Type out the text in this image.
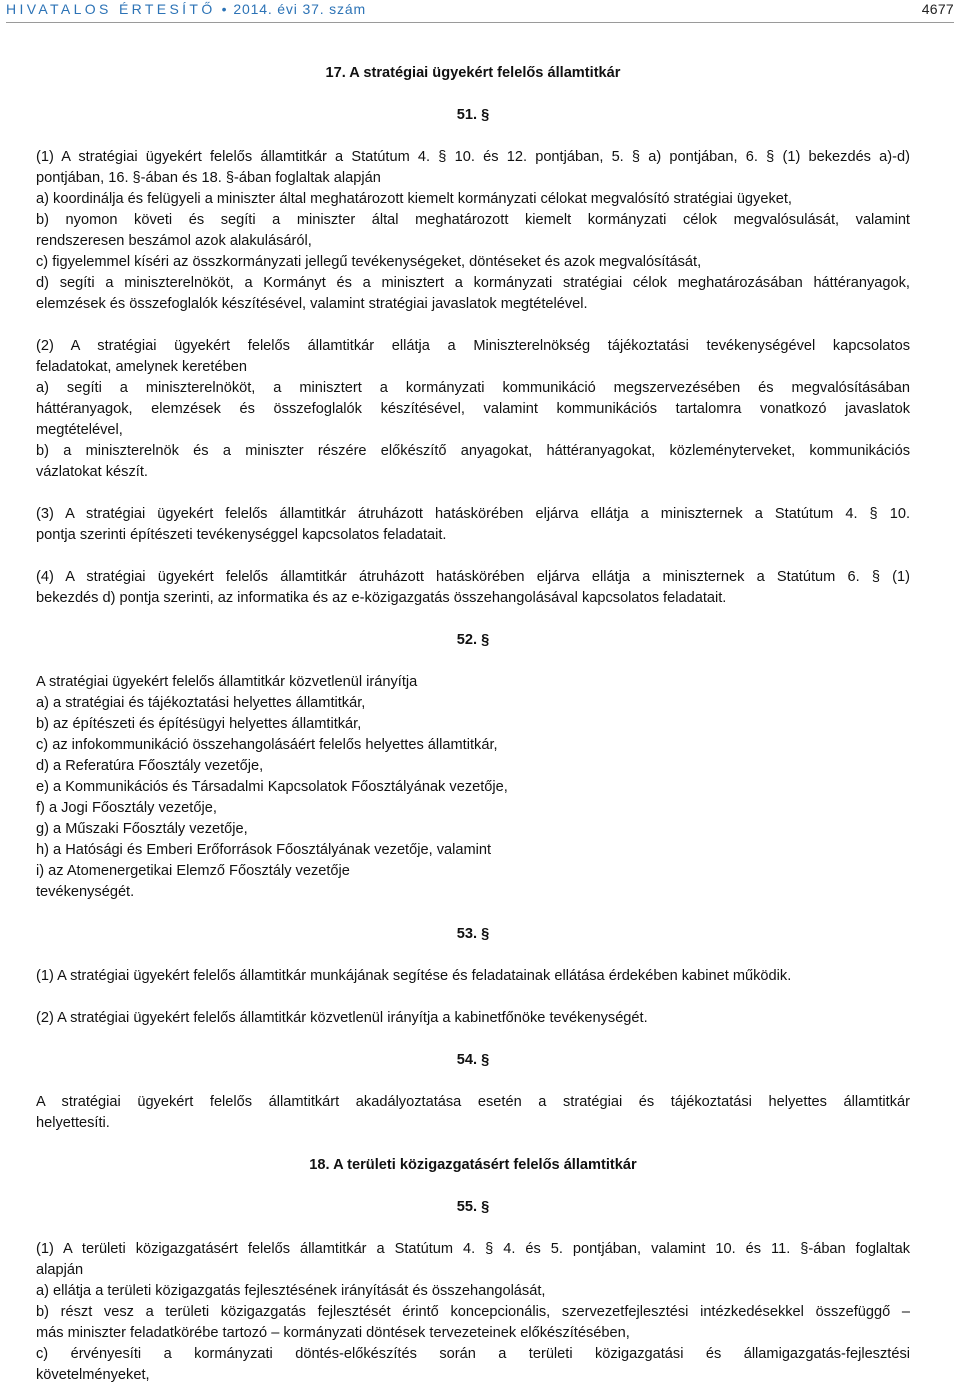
HIVATALOS ÉRTESÍTŐ • 2014. évi 37. szám	4677

17. A stratégiai ügyekért felelős államtitkár

51. §

(1) A stratégiai ügyekért felelős államtitkár a Statútum 4. § 10. és 12. pontjában, 5. § a) pontjában, 6. § (1) bekezdés a)-d)

pontjában, 16. §-ában és 18. §-ában foglaltak alapján

a) koordinálja és felügyeli a miniszter által meghatározott kiemelt kormányzati célokat megvalósító stratégiai ügyeket,

b) nyomon követi és segíti a miniszter által meghatározott kiemelt kormányzati célok megvalósulását, valamint

rendszeresen beszámol azok alakulásáról,

c) figyelemmel kíséri az összkormányzati jellegű tevékenységeket, döntéseket és azok megvalósítását,

d) segíti a miniszterelnököt, a Kormányt és a minisztert a kormányzati stratégiai célok meghatározásában háttéranyagok,

elemzések és összefoglalók készítésével, valamint stratégiai javaslatok megtételével.

(2) A stratégiai ügyekért felelős államtitkár ellátja a Miniszterelnökség tájékoztatási tevékenységével kapcsolatos

feladatokat, amelynek keretében

a) segíti a miniszterelnököt, a minisztert a kormányzati kommunikáció megszervezésében és megvalósításában

háttéranyagok, elemzések és összefoglalók készítésével, valamint kommunikációs tartalomra vonatkozó javaslatok

megtételével,

b) a miniszterelnök és a miniszter részére előkészítő anyagokat, háttéranyagokat, közleményterveket, kommunikációs

vázlatokat készít.

(3) A stratégiai ügyekért felelős államtitkár átruházott hatáskörében eljárva ellátja a miniszternek a Statútum 4. § 10.

pontja szerinti építészeti tevékenységgel kapcsolatos feladatait.

(4) A stratégiai ügyekért felelős államtitkár átruházott hatáskörében eljárva ellátja a miniszternek a Statútum 6. § (1)

bekezdés d) pontja szerinti, az informatika és az e-közigazgatás összehangolásával kapcsolatos feladatait.

52. §

A stratégiai ügyekért felelős államtitkár közvetlenül irányítja

a) a stratégiai és tájékoztatási helyettes államtitkár,

b) az építészeti és építésügyi helyettes államtitkár,

c) az infokommunikáció összehangolásáért felelős helyettes államtitkár,

d) a Referatúra Főosztály vezetője,

e) a Kommunikációs és Társadalmi Kapcsolatok Főosztályának vezetője,

f) a Jogi Főosztály vezetője,

g) a Műszaki Főosztály vezetője,

h) a Hatósági és Emberi Erőforrások Főosztályának vezetője, valamint

i) az Atomenergetikai Elemző Főosztály vezetője

tevékenységét.

53. §

(1) A stratégiai ügyekért felelős államtitkár munkájának segítése és feladatainak ellátása érdekében kabinet működik.

(2) A stratégiai ügyekért felelős államtitkár közvetlenül irányítja a kabinetfőnöke tevékenységét.

54. §

A stratégiai ügyekért felelős államtitkárt akadályoztatása esetén a stratégiai és tájékoztatási helyettes államtitkár

helyettesíti.

18. A területi közigazgatásért felelős államtitkár

55. §

(1) A területi közigazgatásért felelős államtitkár a Statútum 4. § 4. és 5. pontjában, valamint 10. és 11. §-ában foglaltak

alapján

a) ellátja a területi közigazgatás fejlesztésének irányítását és összehangolását,

b) részt vesz a területi közigazgatás fejlesztését érintő koncepcionális, szervezetfejlesztési intézkedésekkel összefüggő –

más miniszter feladatkörébe tartozó – kormányzati döntések tervezeteinek előkészítésében,

c) érvényesíti a kormányzati döntés-előkészítés során a területi közigazgatási és államigazgatás-fejlesztési

követelményeket,
